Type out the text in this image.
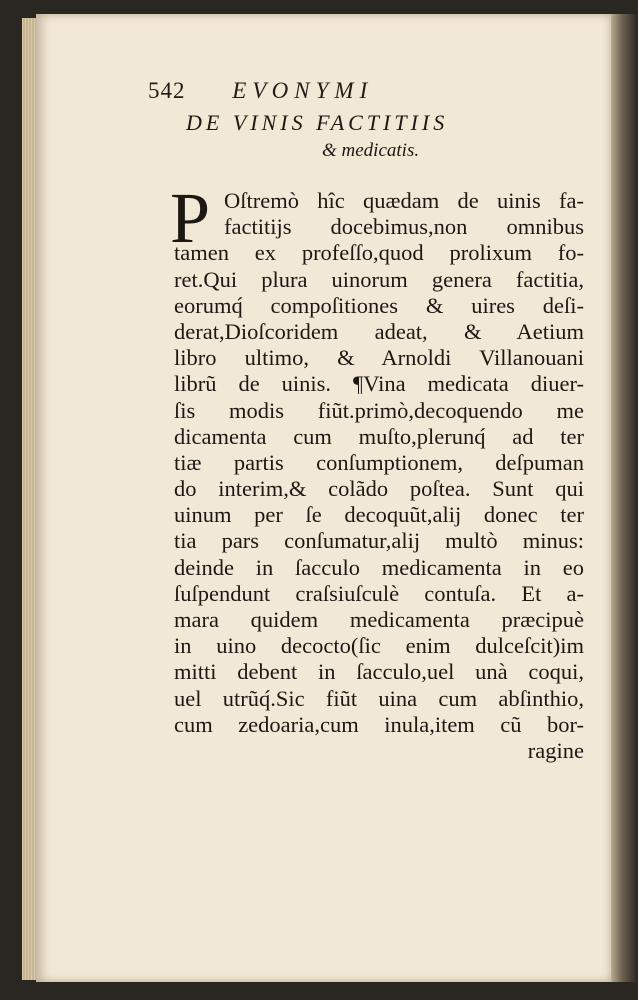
542 EVONYMI
DE VINIS FACTITIIS
& medicatis.
P Oſtremò hîc quædam de uinis fa-
factitijs docebimus,non omnibus
tamen ex profeſſo,quod prolixum fo-
ret.Qui plura uinorum genera factitia,
eorumq́ compoſitiones & uires deſi-
derat,Dioſcoridem adeat, & Aetium
libro ultimo, & Arnoldi Villanouani
librũ de uinis. ¶Vina medicata diuer-
ſis modis fiũt.primò,decoquendo me
dicamenta cum muſto,plerunq́ ad ter
tiæ partis conſumptionem, deſpuman
do interim,& colãdo poſtea. Sunt qui
uinum per ſe decoquũt,alij donec ter
tia pars conſumatur,alij multò minus:
deinde in ſacculo medicamenta in eo
ſuſpendunt craſsiuſculè contuſa. Et a-
mara quidem medicamenta præcipuè
in uino decocto(ſic enim dulceſcit)im
mitti debent in ſacculo,uel unà coqui,
uel utrũq́.Sic fiũt uina cum abſinthio,
cum zedoaria,cum inula,item cũ bor-
ragine
